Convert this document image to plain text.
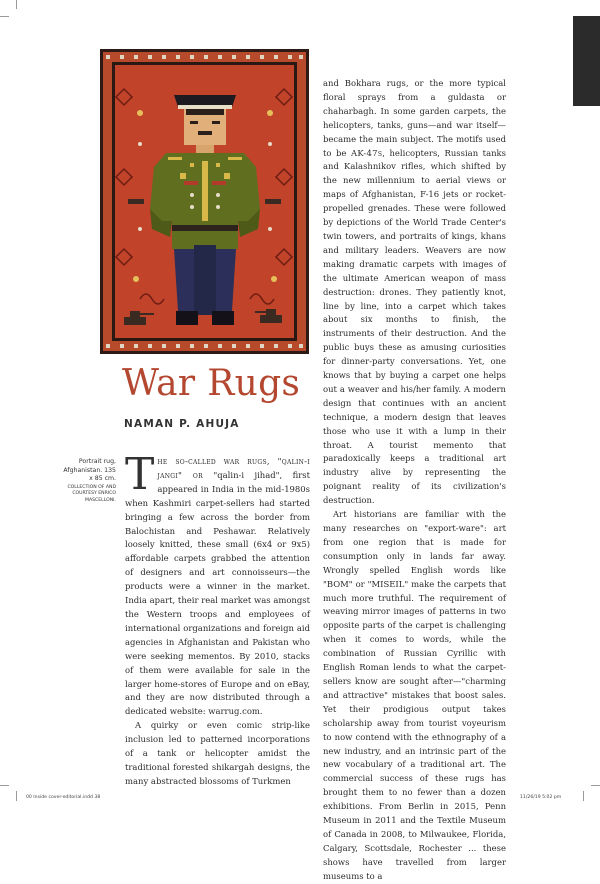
War Rugs
NAMAN P. AHUJA
Portrait rug, Afghanistan. 135 x 85 cm.
COLLECTION OF AND COURTESY ENRICO MASCELLONI.

The so-called war rugs, "qalin-i jangi" or "qalin-i jihad", first appeared in India in the mid-1980s when Kashmiri carpet-sellers had started bringing a few across the border from Balochistan and Peshawar. Relatively loosely knitted, these small (6x4 or 9x5) affordable carpets grabbed the attention of designers and art connoisseurs—the products were a winner in the market. India apart, their real market was amongst the Western troops and employees of international organizations and foreign aid agencies in Afghanistan and Pakistan who were seeking mementos. By 2010, stacks of them were available for sale in the larger home-stores of Europe and on eBay, and they are now distributed through a dedicated website: warrug.com.

A quirky or even comic strip-like inclusion led to patterned incorporations of a tank or helicopter amidst the traditional forested shikargah designs, the many abstracted blossoms of Turkmen

and Bokhara rugs, or the more typical floral sprays from a guldasta or chaharbagh. In some garden carpets, the helicopters, tanks, guns—and war itself—became the main subject. The motifs used to be AK-47s, helicopters, Russian tanks and Kalashnikov rifles, which shifted by the new millennium to aerial views or maps of Afghanistan, F-16 jets or rocket-propelled grenades. These were followed by depictions of the World Trade Center's twin towers, and portraits of kings, khans and military leaders. Weavers are now making dramatic carpets with images of the ultimate American weapon of mass destruction: drones. They patiently knot, line by line, into a carpet which takes about six months to finish, the instruments of their destruction. And the public buys these as amusing curiosities for dinner-party conversations. Yet, one knows that by buying a carpet one helps out a weaver and his/her family. A modern design that continues with an ancient technique, a modern design that leaves those who use it with a lump in their throat. A tourist memento that paradoxically keeps a traditional art industry alive by representing the poignant reality of its civilization's destruction.

Art historians are familiar with the many researches on "export-ware": art from one region that is made for consumption only in lands far away. Wrongly spelled English words like "BOM" or "MISEIL" make the carpets that much more truthful. The requirement of weaving mirror images of patterns in two opposite parts of the carpet is challenging when it comes to words, while the combination of Russian Cyrillic with English Roman lends to what the carpet-sellers know are sought after—"charming and attractive" mistakes that boost sales. Yet their prodigious output takes scholarship away from tourist voyeurism to now contend with the ethnography of a new industry, and an intrinsic part of the new vocabulary of a traditional art. The commercial success of these rugs has brought them to no fewer than a dozen exhibitions. From Berlin in 2015, Penn Museum in 2011 and the Textile Museum of Canada in 2008, to Milwaukee, Florida, Calgary, Scottsdale, Rochester ... these shows have travelled from larger museums to a

00 Inside cover-editorial.indd 38	11/26/19 5:02 pm
